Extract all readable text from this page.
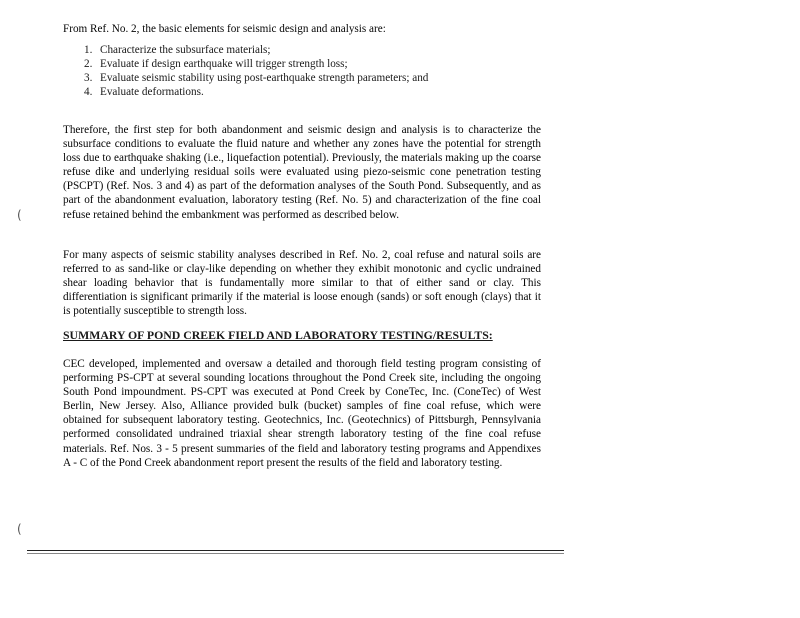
From Ref. No. 2, the basic elements for seismic design and analysis are:
1. Characterize the subsurface materials;
2. Evaluate if design earthquake will trigger strength loss;
3. Evaluate seismic stability using post-earthquake strength parameters; and
4. Evaluate deformations.
Therefore, the first step for both abandonment and seismic design and analysis is to characterize the subsurface conditions to evaluate the fluid nature and whether any zones have the potential for strength loss due to earthquake shaking (i.e., liquefaction potential). Previously, the materials making up the coarse refuse dike and underlying residual soils were evaluated using piezo-seismic cone penetration testing (PSCPT) (Ref. Nos. 3 and 4) as part of the deformation analyses of the South Pond. Subsequently, and as part of the abandonment evaluation, laboratory testing (Ref. No. 5) and characterization of the fine coal refuse retained behind the embankment was performed as described below.
For many aspects of seismic stability analyses described in Ref. No. 2, coal refuse and natural soils are referred to as sand-like or clay-like depending on whether they exhibit monotonic and cyclic undrained shear loading behavior that is fundamentally more similar to that of either sand or clay. This differentiation is significant primarily if the material is loose enough (sands) or soft enough (clays) that it is potentially susceptible to strength loss.
SUMMARY OF POND CREEK FIELD AND LABORATORY TESTING/RESULTS:
CEC developed, implemented and oversaw a detailed and thorough field testing program consisting of performing PS-CPT at several sounding locations throughout the Pond Creek site, including the ongoing South Pond impoundment. PS-CPT was executed at Pond Creek by ConeTec, Inc. (ConeTec) of West Berlin, New Jersey. Also, Alliance provided bulk (bucket) samples of fine coal refuse, which were obtained for subsequent laboratory testing. Geotechnics, Inc. (Geotechnics) of Pittsburgh, Pennsylvania performed consolidated undrained triaxial shear strength laboratory testing of the fine coal refuse materials. Ref. Nos. 3 - 5 present summaries of the field and laboratory testing programs and Appendixes A - C of the Pond Creek abandonment report present the results of the field and laboratory testing.
(
(
